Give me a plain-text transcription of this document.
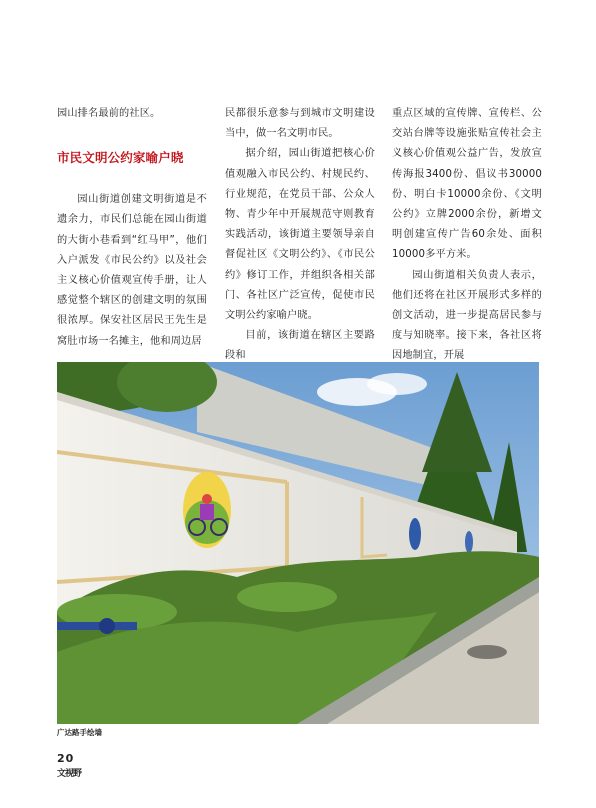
园山排名最前的社区。

市民文明公约家喻户晓

园山街道创建文明街道是不遗余力，市民们总能在园山街道的大街小巷看到“红马甲”，他们入户派发《市民公约》以及社会主义核心价值观宣传手册，让人感觉整个辖区的创建文明的氛围很浓厚。保安社区居民王先生是窝肚市场一名摊主，他和周边居

民都很乐意参与到城市文明建设当中，做一名文明市民。

据介绍，园山街道把核心价值观融入市民公约、村规民约、行业规范，在党员干部、公众人物、青少年中开展规范守则教育实践活动，该街道主要领导亲自督促社区《文明公约》、《市民公约》修订工作，并组织各相关部门、各社区广泛宣传，促使市民文明公约家喻户晓。

目前，该街道在辖区主要路段和

重点区域的宣传牌、宣传栏、公交站台牌等设施张贴宣传社会主义核心价值观公益广告，发放宣传海报3400份、倡议书30000份、明白卡10000余份、《文明公约》立牌2000余份，新增文明创建宣传广告60余处、面积10000多平方米。

园山街道相关负责人表示，他们还将在社区开展形式多样的创文活动，进一步提高居民参与度与知晓率。接下来，各社区将因地制宜，开展

广达路手绘墙
20
文视野
